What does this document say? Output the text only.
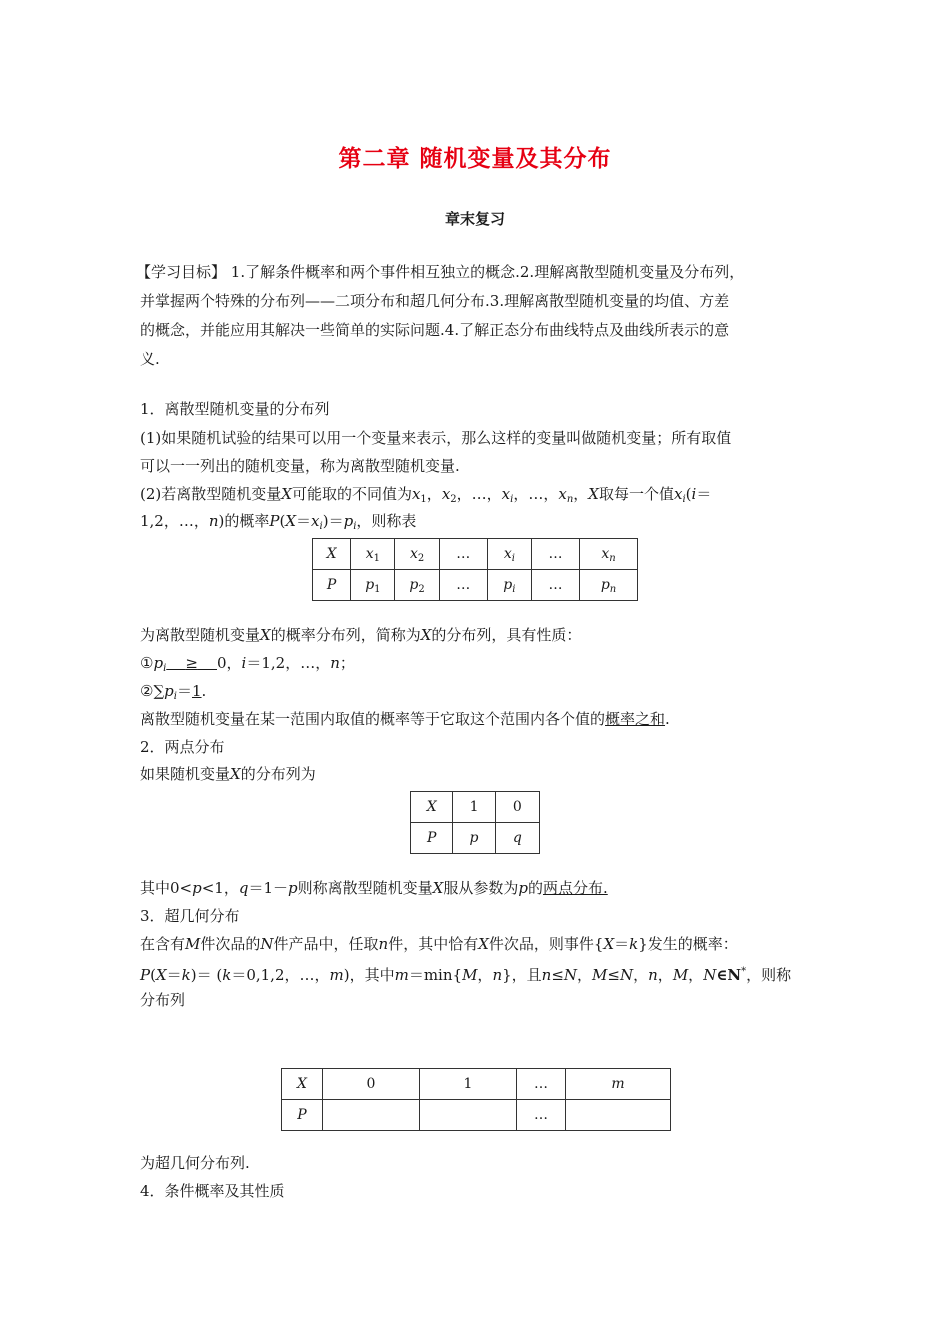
第二章 随机变量及其分布
章末复习
【学习目标】 1.了解条件概率和两个事件相互独立的概念.2.理解离散型随机变量及分布列，
并掌握两个特殊的分布列——二项分布和超几何分布.3.理解离散型随机变量的均值、方差
的概念，并能应用其解决一些简单的实际问题.4.了解正态分布曲线特点及曲线所表示的意
义.
1．离散型随机变量的分布列
(1)如果随机试验的结果可以用一个变量来表示，那么这样的变量叫做随机变量；所有取值
可以一一列出的随机变量，称为离散型随机变量.
(2)若离散型随机变量X可能取的不同值为$x_1$，$x_2$，…，$x_i$，…，$x_n$，X取每一个值$x_i(i=$
1,2，…，n)的概率$P(X=x_i)=p_i$，则称表
X	$x_1$	$x_2$	…	$x_i$	…	$x_n$
P	$p_1$	$p_2$	…	$p_i$	…	$p_n$
为离散型随机变量X的概率分布列，简称为X的分布列，具有性质：
$①p_i \ge 0$，i＝1,2，…，n；
$②\sum p_i=1$.
离散型随机变量在某一范围内取值的概率等于它取这个范围内各个值的概率之和.
2．两点分布
如果随机变量X的分布列为
X	1	0
P	p	q
其中0<p<1，q＝1－p则称离散型随机变量X服从参数为p的两点分布.
3．超几何分布
在含有M件次品的N件产品中，任取n件，其中恰有X件次品，则事件{X＝k}发生的概率：
P(X＝k)＝ (k＝0,1,2，…，m)，其中m＝min{M，n}，且n≤N，M≤N，n，M，N∈N*，则称
分布列
X	0	1	…	m
P			…	
为超几何分布列.
4．条件概率及其性质
